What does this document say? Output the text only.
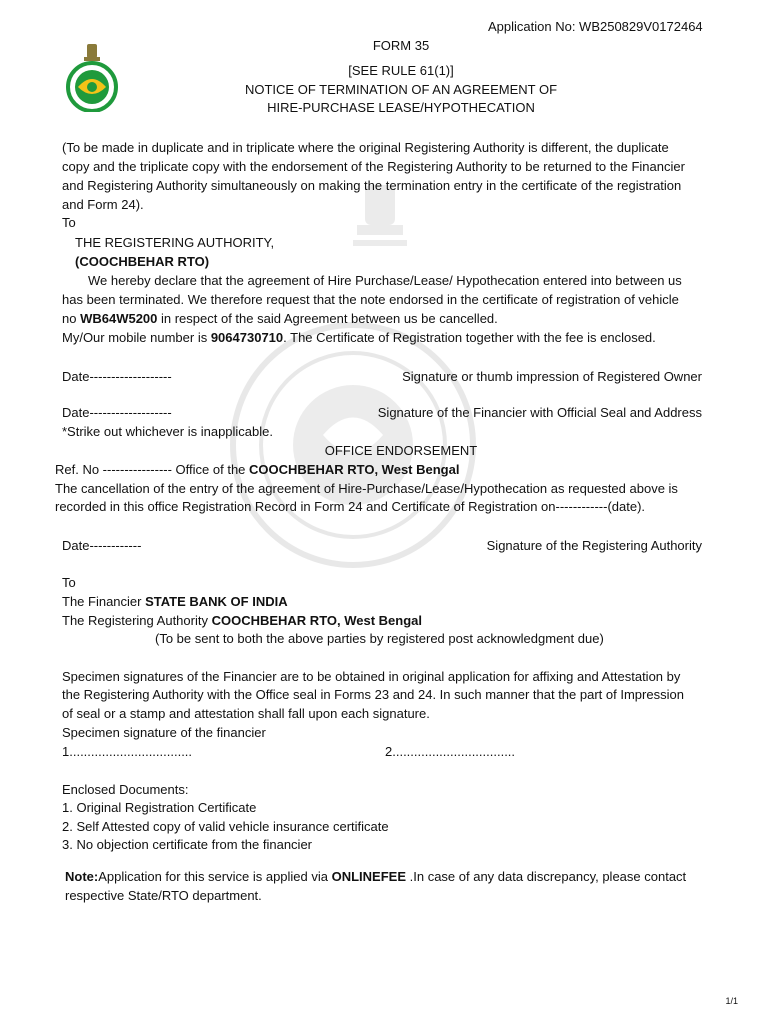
Application No: WB250829V0172464
FORM 35
[SEE RULE 61(1)]
NOTICE OF TERMINATION OF AN AGREEMENT OF
HIRE-PURCHASE LEASE/HYPOTHECATION
(To be made in duplicate and in triplicate where the original Registering Authority is different, the duplicate
copy and the triplicate copy with the endorsement of the Registering Authority to be returned to the Financier
and Registering Authority simultaneously on making the termination entry in the certificate of the registration
and Form 24).
To
THE REGISTERING AUTHORITY,
(COOCHBEHAR RTO)
We hereby declare that the agreement of Hire Purchase/Lease/ Hypothecation entered into between us
has been terminated. We therefore request that the note endorsed in the certificate of registration of vehicle
no WB64W5200 in respect of the said Agreement between us be cancelled.
My/Our mobile number is 9064730710. The Certificate of Registration together with the fee is enclosed.
Date-------------------	Signature or thumb impression of Registered Owner
Date-------------------	Signature of the Financier with Official Seal and Address
*Strike out whichever is inapplicable.
OFFICE ENDORSEMENT
Ref. No ---------------- Office of the COOCHBEHAR RTO, West Bengal
The cancellation of the entry of the agreement of Hire-Purchase/Lease/Hypothecation as requested above is
recorded in this office Registration Record in Form 24 and Certificate of Registration on------------(date).
Date------------	Signature of the Registering Authority
To
The Financier STATE BANK OF INDIA
The Registering Authority COOCHBEHAR RTO, West Bengal
(To be sent to both the above parties by registered post acknowledgment due)
Specimen signatures of the Financier are to be obtained in original application for affixing and Attestation by
the Registering Authority with the Office seal in Forms 23 and 24. In such manner that the part of Impression
of seal or a stamp and attestation shall fall upon each signature.
Specimen signature of the financier
1..................................	2..................................
Enclosed Documents:
1. Original Registration Certificate
2. Self Attested copy of valid vehicle insurance certificate
3. No objection certificate from the financier
Note:Application for this service is applied via ONLINEFEE .In case of any data discrepancy, please contact
respective State/RTO department.
1/1
